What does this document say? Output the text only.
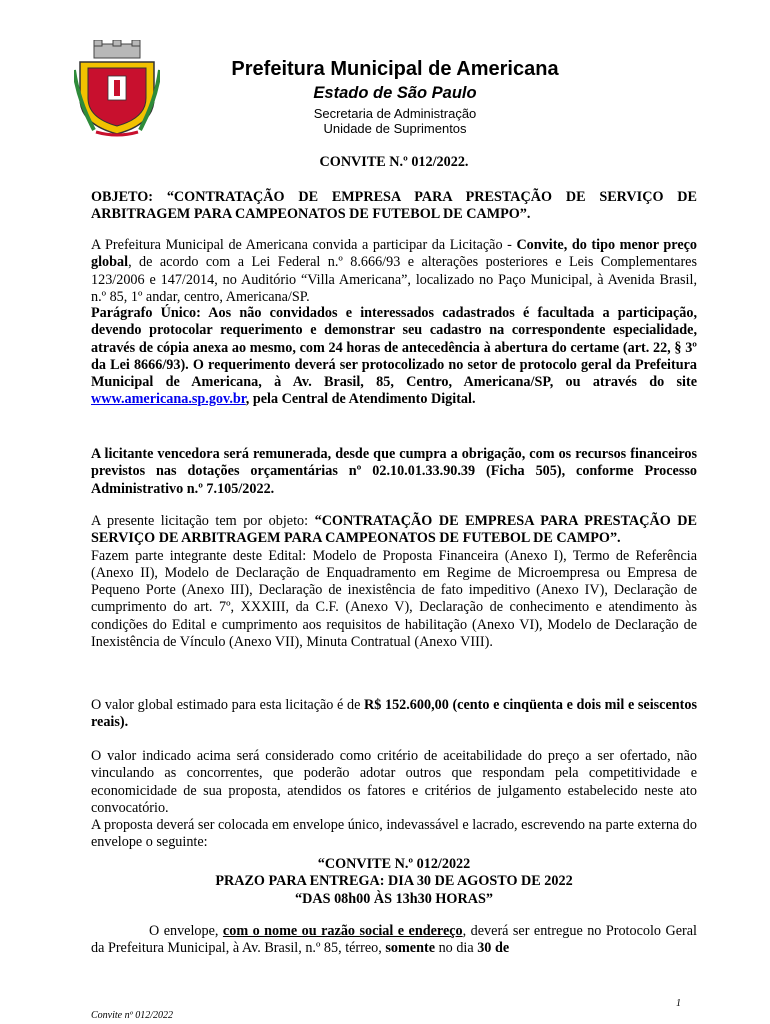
Prefeitura Municipal de Americana
Estado de São Paulo
Secretaria de Administração
Unidade de Suprimentos
CONVITE N.º 012/2022.
OBJETO: “CONTRATAÇÃO DE EMPRESA PARA PRESTAÇÃO DE SERVIÇO DE ARBITRAGEM PARA CAMPEONATOS DE FUTEBOL DE CAMPO”.
A Prefeitura Municipal de Americana convida a participar da Licitação - Convite, do tipo menor preço global, de acordo com a Lei Federal n.º 8.666/93 e alterações posteriores e Leis Complementares 123/2006 e 147/2014, no Auditório “Villa Americana”, localizado no Paço Municipal, à Avenida Brasil, n.º 85, 1º andar, centro, Americana/SP.
Parágrafo Único: Aos não convidados e interessados cadastrados é facultada a participação, devendo protocolar requerimento e demonstrar seu cadastro na correspondente especialidade, através de cópia anexa ao mesmo, com 24 horas de antecedência à abertura do certame (art. 22, § 3º da Lei 8666/93). O requerimento deverá ser protocolizado no setor de protocolo geral da Prefeitura Municipal de Americana, à Av. Brasil, 85, Centro, Americana/SP, ou através do site www.americana.sp.gov.br, pela Central de Atendimento Digital.
A licitante vencedora será remunerada, desde que cumpra a obrigação, com os recursos financeiros previstos nas dotações orçamentárias nº 02.10.01.33.90.39 (Ficha 505), conforme Processo Administrativo n.º 7.105/2022.
A presente licitação tem por objeto: “CONTRATAÇÃO DE EMPRESA PARA PRESTAÇÃO DE SERVIÇO DE ARBITRAGEM PARA CAMPEONATOS DE FUTEBOL DE CAMPO”.
Fazem parte integrante deste Edital: Modelo de Proposta Financeira (Anexo I), Termo de Referência (Anexo II), Modelo de Declaração de Enquadramento em Regime de Microempresa ou Empresa de Pequeno Porte (Anexo III), Declaração de inexistência de fato impeditivo (Anexo IV), Declaração de cumprimento do art. 7º, XXXIII, da C.F. (Anexo V), Declaração de conhecimento e atendimento às condições do Edital e cumprimento aos requisitos de habilitação (Anexo VI), Modelo de Declaração de Inexistência de Vínculo (Anexo VII), Minuta Contratual (Anexo VIII).
O valor global estimado para esta licitação é de R$ 152.600,00 (cento e cinqüenta e dois mil e seiscentos reais).
O valor indicado acima será considerado como critério de aceitabilidade do preço a ser ofertado, não vinculando as concorrentes, que poderão adotar outros que respondam pela competitividade e economicidade de sua proposta, atendidos os fatores e critérios de julgamento estabelecido neste ato convocatório.
A proposta deverá ser colocada em envelope único, indevassável e lacrado, escrevendo na parte externa do envelope o seguinte:
“CONVITE N.º 012/2022
PRAZO PARA ENTREGA: DIA 30 DE AGOSTO DE 2022
“DAS 08h00 ÀS 13h30 HORAS”
O envelope, com o nome ou razão social e endereço, deverá ser entregue no Protocolo Geral da Prefeitura Municipal, à Av. Brasil, n.º 85, térreo, somente no dia 30 de
1
Convite nº 012/2022
